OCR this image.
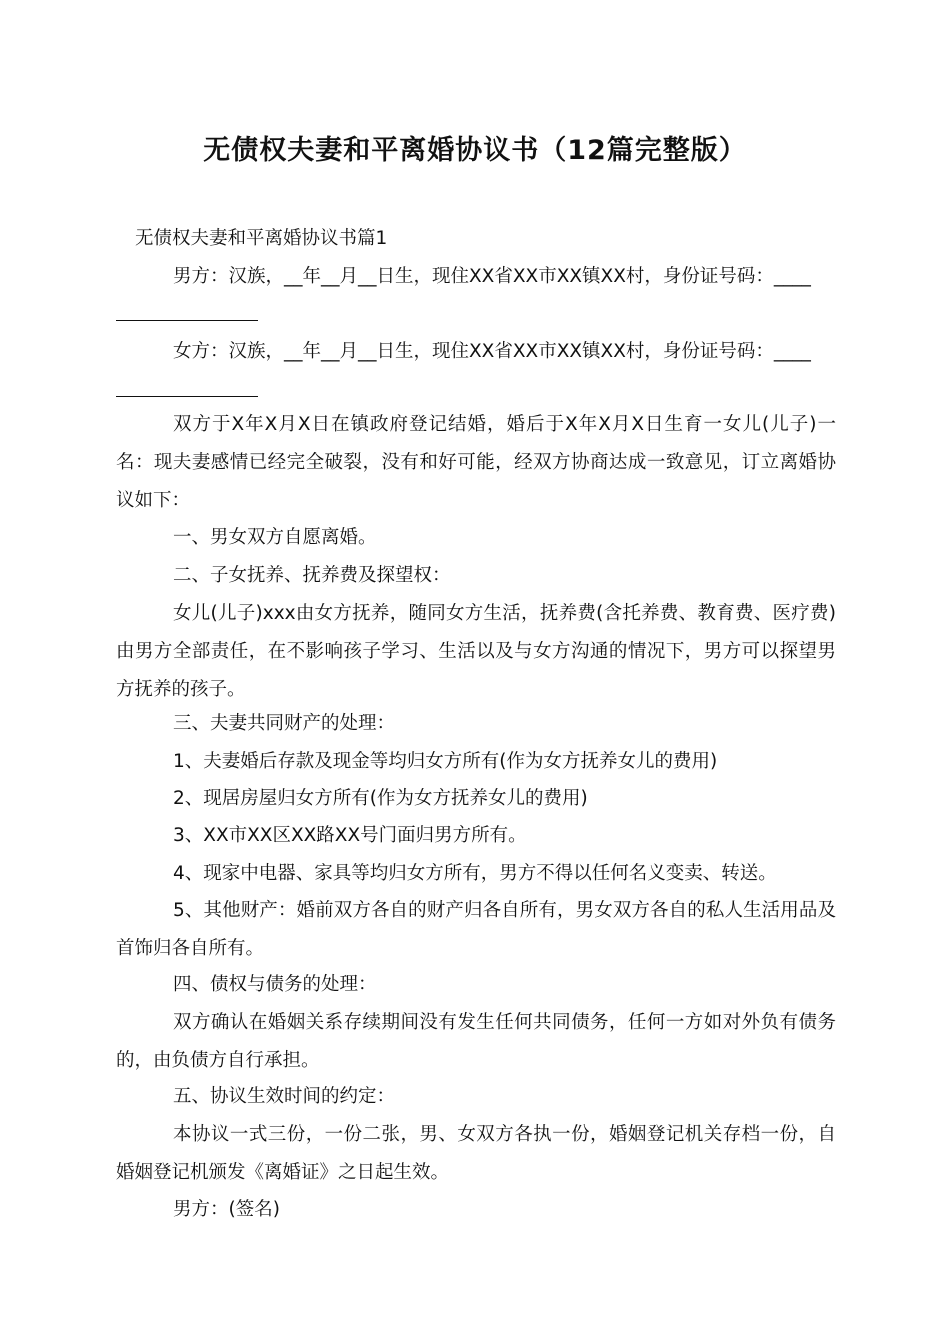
无债权夫妻和平离婚协议书（12篇完整版）
无债权夫妻和平离婚协议书篇1
男方：汉族，__年__月__日生，现住XX省XX市XX镇XX村，身份证号码：____
女方：汉族，__年__月__日生，现住XX省XX市XX镇XX村，身份证号码：____
双方于X年X月X日在镇政府登记结婚，婚后于X年X月X日生育一女儿(儿子)一名：现夫妻感情已经完全破裂，没有和好可能，经双方协商达成一致意见，订立离婚协议如下：
一、男女双方自愿离婚。
二、子女抚养、抚养费及探望权：
女儿(儿子)xxx由女方抚养，随同女方生活，抚养费(含托养费、教育费、医疗费)由男方全部责任，在不影响孩子学习、生活以及与女方沟通的情况下，男方可以探望男方抚养的孩子。
三、夫妻共同财产的处理：
1、夫妻婚后存款及现金等均归女方所有(作为女方抚养女儿的费用)
2、现居房屋归女方所有(作为女方抚养女儿的费用)
3、XX市XX区XX路XX号门面归男方所有。
4、现家中电器、家具等均归女方所有，男方不得以任何名义变卖、转送。
5、其他财产：婚前双方各自的财产归各自所有，男女双方各自的私人生活用品及首饰归各自所有。
四、债权与债务的处理：
双方确认在婚姻关系存续期间没有发生任何共同债务，任何一方如对外负有债务的，由负债方自行承担。
五、协议生效时间的约定：
本协议一式三份，一份二张，男、女双方各执一份，婚姻登记机关存档一份，自婚姻登记机颁发《离婚证》之日起生效。
男方：(签名)
